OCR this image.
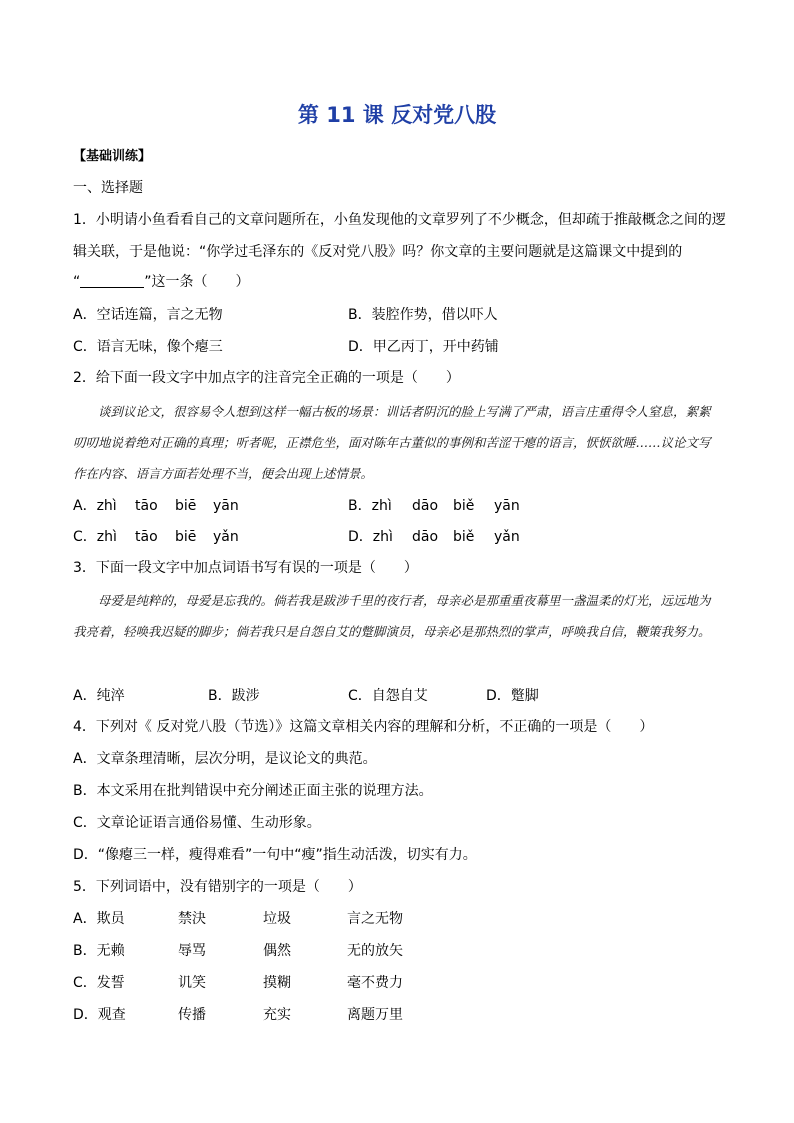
第 11 课 反对党八股
【基础训练】
一、选择题
1．小明请小鱼看看自己的文章问题所在，小鱼发现他的文章罗列了不少概念，但却疏于推敲概念之间的逻
辑关联，于是他说：“你学过毛泽东的《反对党八股》吗？你文章的主要问题就是这篇课文中提到的
“	”这一条（　　）
A．空话连篇，言之无物	B．装腔作势，借以吓人
C．语言无味，像个瘪三	D．甲乙丙丁，开中药铺
2．给下面一段文字中加点字的注音完全正确的一项是（　　）
谈到议论文，很容易令人想到这样一幅古板的场景：训话者阴沉的脸上写满了严肃，语言庄重得令人窒息，絮絮叨叨地说着绝对正确的真理；听者呢，正襟危坐，面对陈年古董似的事例和苦涩干瘪的语言，恹恹欲睡……议论文写作在内容、语言方面若处理不当，便会出现上述情景。
A．zhì tāo biē yān	B．zhì dāo biě yān
C．zhì tāo biē yǎn	D．zhì dāo biě yǎn
3．下面一段文字中加点词语书写有误的一项是（　　）
母爱是纯粹的，母爱是忘我的。倘若我是跋涉千里的夜行者，母亲必是那重重夜幕里一盏温柔的灯光，远远地为我亮着，轻唤我迟疑的脚步；倘若我只是自怨自艾的蹩脚演员，母亲必是那热烈的掌声，呼唤我自信，鞭策我努力。
A．纯淬	B．跋涉	C．自怨自艾	D．蹩脚
4．下列对《 反对党八股（节选）》这篇文章相关内容的理解和分析，不正确的一项是（　　）
A．文章条理清晰，层次分明，是议论文的典范。
B．本文采用在批判错误中充分阐述正面主张的说理方法。
C．文章论证语言通俗易懂、生动形象。
D．“像瘪三一样，瘦得难看”一句中“瘦”指生动活泼，切实有力。
5．下列词语中，没有错别字的一项是（　　）
A．欺员	禁決	垃圾	言之无物
B．无赖	辱骂	偶然	无的放矢
C．发誓	讥笑	摸糊	毫不费力
D．观查	传播	充实	离题万里
